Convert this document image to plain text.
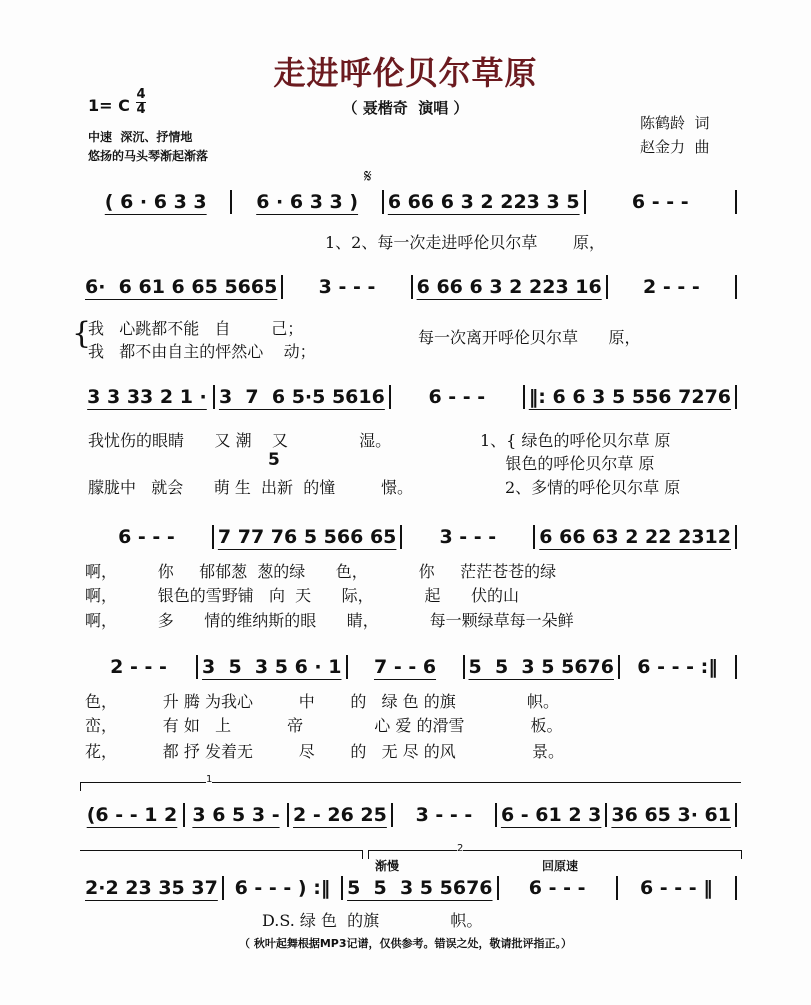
走进呼伦贝尔草原
（ 聂楷奇  演唱 ）
1= C
4
4
中速  深沉、抒情地
悠扬的马头琴渐起渐落
陈鹤龄  词
赵金力  曲
𝄋
( 6 · 6 3 3	6 · 6 3 3 )	6 66 6 3 2 223 3 5	6 - - -
1、2、每一次走进呼伦贝尔草       原，
6·  6 61 6 65 5665	3 - - -	6 66 6 3 2 223 16	2 - - -
{
我   心跳都不能   自        己；
我   都不由自主的怦然心    动；
每一次离开呼伦贝尔草      原，
3 3 33 2 1 · 3  7  6 5·5 5616	6 - - -	‖: 6 6 3 5 556 7276
我忧伤的眼睛      又 潮    又              湿。
5
朦胧中   就会      萌 生  出新  的憧         憬。
1、{ 绿色的呼伦贝尔草 原
银色的呼伦贝尔草 原
2、多情的呼伦贝尔草 原
6 - - -	7 77 76 5 566 65	3 - - -	6 66 63 2 22 2312
啊，        你     郁郁葱  葱的绿      色，          你     茫茫苍苍的绿
啊，        银色的雪野铺   向  天      际，          起      伏的山
啊，        多      情的维纳斯的眼      睛，          每一颗绿草每一朵鲜
2 - - -	3  5  3 5 6 · 1	7 - - 6	5  5  3 5 5676	6 - - - :‖
色，         升 腾 为我心         中       的   绿 色 的旗              帜。
峦，         有 如   上           帝              心 爱 的滑雪             板。
花，         都 抒 发着无         尽       的   无 尽 的风               景。
1
(6 - - 1 2 3 6 5 3 - 2 - 26 25	3 - - -	6 - 61 2 3 36 65 3· 61
2
渐慢	回原速
2·2 23 35 37 6 - - - ) :‖ 5  5  3 5 5676	6 - - -	6 - - - ‖
D.S. 绿 色  的旗              帜。
（ 秋叶起舞根据MP3记谱，仅供参考。错误之处，敬请批评指正。）
